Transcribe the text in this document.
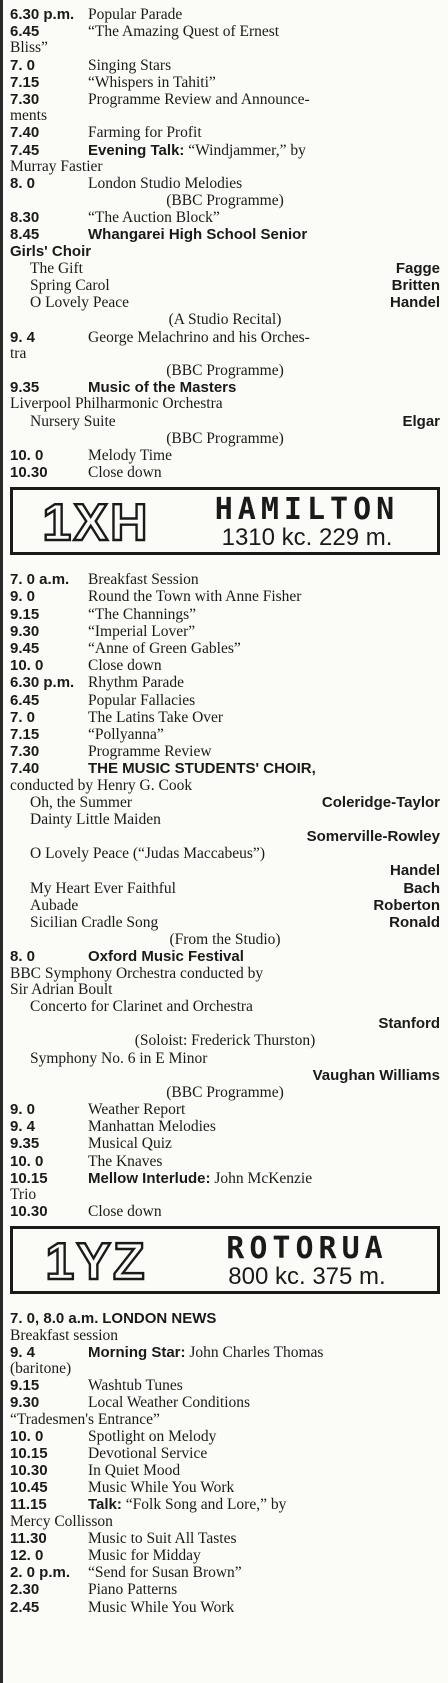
6.30 p.m. Popular Parade
6.45	“The Amazing Quest of Ernest
Bliss”
7. 0	Singing Stars
7.15	“Whispers in Tahiti”
7.30	Programme Review and Announce-
ments
7.40	Farming for Profit
7.45	Evening Talk: “Windjammer,” by
Murray Fastier
8. 0	London Studio Melodies
(BBC Programme)
8.30	“The Auction Block”
8.45	Whangarei High School Senior
Girls' Choir
The Gift	Fagge
Spring Carol	Britten
O Lovely Peace	Handel
(A Studio Recital)
9. 4	George Melachrino and his Orches-
tra
(BBC Programme)
9.35	Music of the Masters
Liverpool Philharmonic Orchestra
Nursery Suite	Elgar
(BBC Programme)
10. 0	Melody Time
10.30	Close down
1XH	HAMILTON
1310 kc. 229 m.
7. 0 a.m. Breakfast Session
9. 0	Round the Town with Anne Fisher
9.15	“The Channings”
9.30	“Imperial Lover”
9.45	“Anne of Green Gables”
10. 0	Close down
6.30 p.m. Rhythm Parade
6.45	Popular Fallacies
7. 0	The Latins Take Over
7.15	“Pollyanna”
7.30	Programme Review
7.40	THE MUSIC STUDENTS' CHOIR,
conducted by Henry G. Cook
Oh, the Summer	Coleridge-Taylor
Dainty Little Maiden
Somerville-Rowley
O Lovely Peace (“Judas Maccabeus”)
Handel
My Heart Ever Faithful	Bach
Aubade	Roberton
Sicilian Cradle Song	Ronald
(From the Studio)
8. 0	Oxford Music Festival
BBC Symphony Orchestra conducted by
Sir Adrian Boult
Concerto for Clarinet and Orchestra
Stanford
(Soloist: Frederick Thurston)
Symphony No. 6 in E Minor
Vaughan Williams
(BBC Programme)
9. 0	Weather Report
9. 4	Manhattan Melodies
9.35	Musical Quiz
10. 0	The Knaves
10.15	Mellow Interlude: John McKenzie
Trio
10.30	Close down
1YZ	ROTORUA
800 kc. 375 m.
7. 0, 8.0 a.m. LONDON NEWS
Breakfast session
9. 4	Morning Star: John Charles Thomas
(baritone)
9.15	Washtub Tunes
9.30	Local Weather Conditions
“Tradesmen's Entrance”
10. 0	Spotlight on Melody
10.15	Devotional Service
10.30	In Quiet Mood
10.45	Music While You Work
11.15	Talk: “Folk Song and Lore,” by
Mercy Collisson
11.30	Music to Suit All Tastes
12. 0	Music for Midday
2. 0 p.m. “Send for Susan Brown”
2.30	Piano Patterns
2.45	Music While You Work
